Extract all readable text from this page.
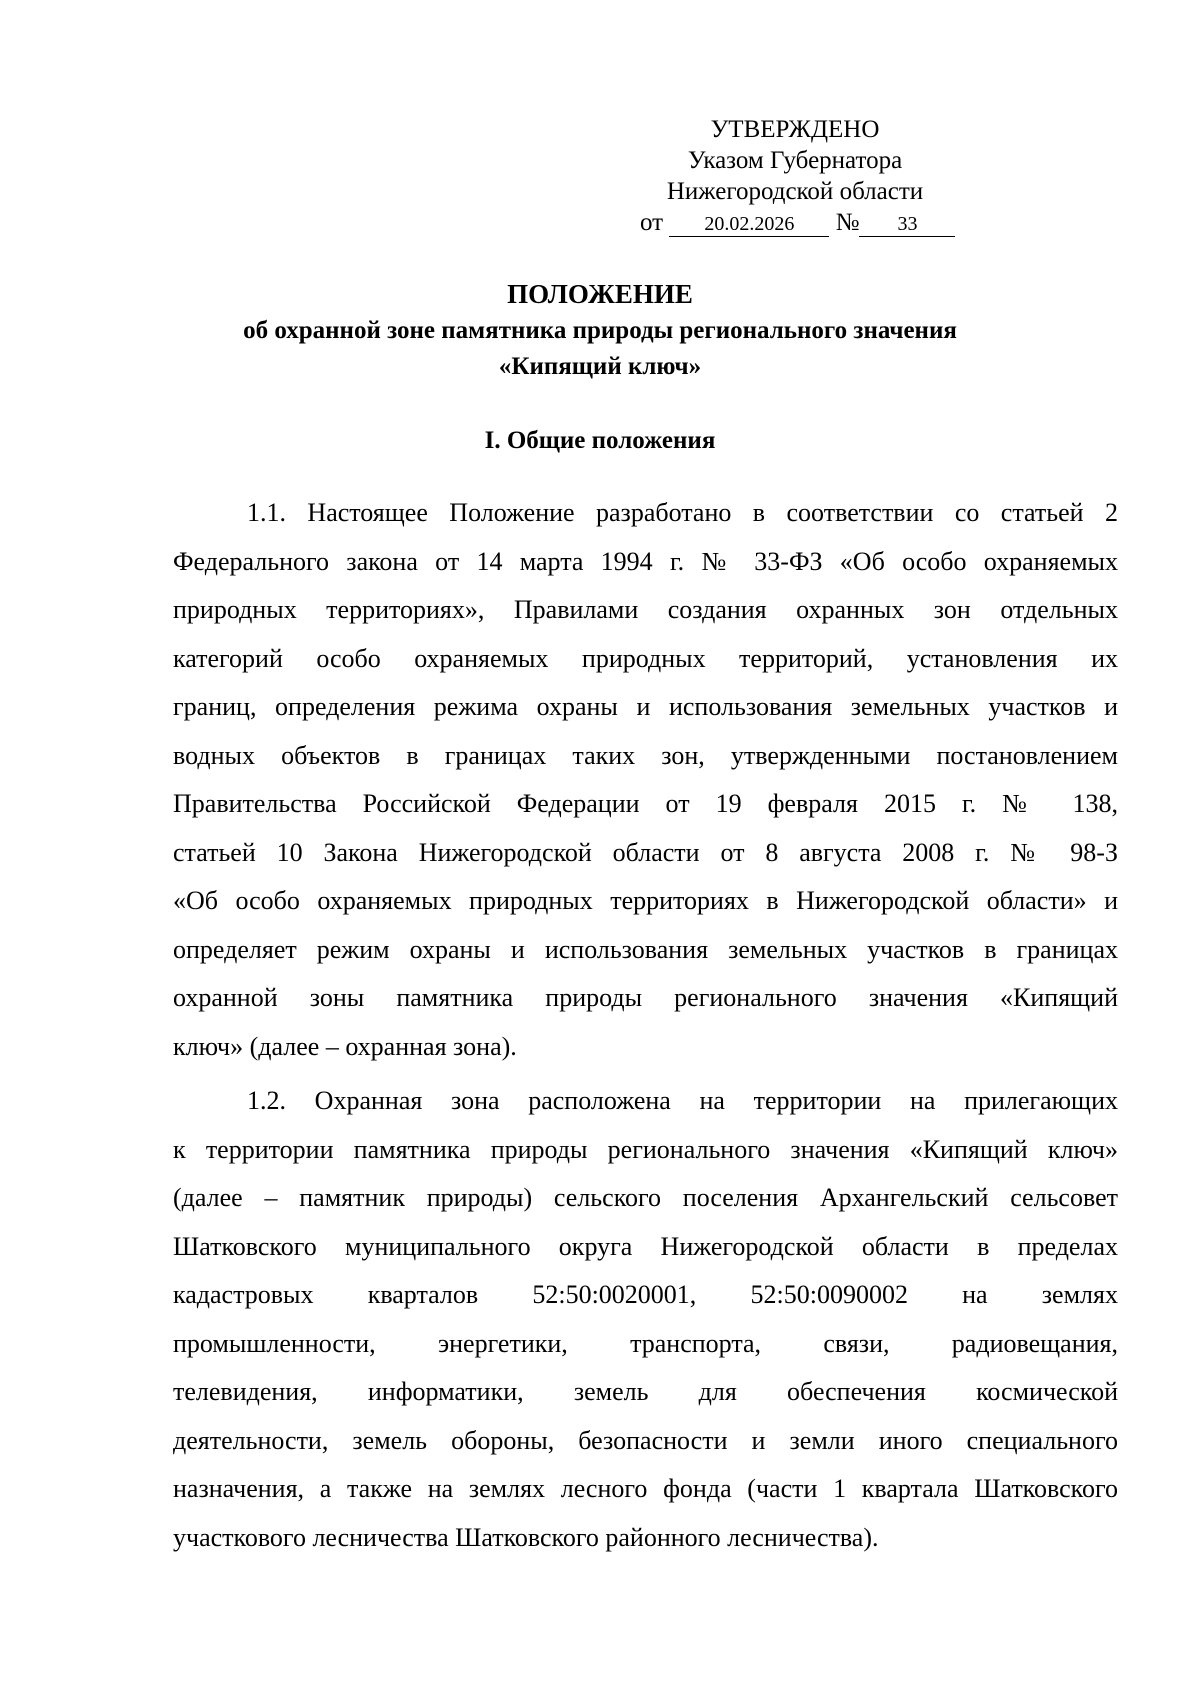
УТВЕРЖДЕНО
Указом Губернатора
Нижегородской области
от 20.02.2026 № 33
ПОЛОЖЕНИЕ
об охранной зоне памятника природы регионального значения
«Кипящий ключ»
I. Общие положения
1.1. Настоящее Положение разработано в соответствии со статьей 2
Федерального закона от 14 марта 1994 г. № 33-ФЗ «Об особо охраняемых
природных территориях», Правилами создания охранных зон отдельных
категорий особо охраняемых природных территорий, установления их
границ, определения режима охраны и использования земельных участков и
водных объектов в границах таких зон, утвержденными постановлением
Правительства Российской Федерации от 19 февраля 2015 г. № 138,
статьей 10 Закона Нижегородской области от 8 августа 2008 г. № 98-З
«Об особо охраняемых природных территориях в Нижегородской области» и
определяет режим охраны и использования земельных участков в границах
охранной зоны памятника природы регионального значения «Кипящий
ключ» (далее – охранная зона).
1.2. Охранная зона расположена на территории на прилегающих
к территории памятника природы регионального значения «Кипящий ключ»
(далее – памятник природы) сельского поселения Архангельский сельсовет
Шатковского муниципального округа Нижегородской области в пределах
кадастровых кварталов 52:50:0020001, 52:50:0090002 на землях
промышленности, энергетики, транспорта, связи, радиовещания,
телевидения, информатики, земель для обеспечения космической
деятельности, земель обороны, безопасности и земли иного специального
назначения, а также на землях лесного фонда (части 1 квартала Шатковского
участкового лесничества Шатковского районного лесничества).
